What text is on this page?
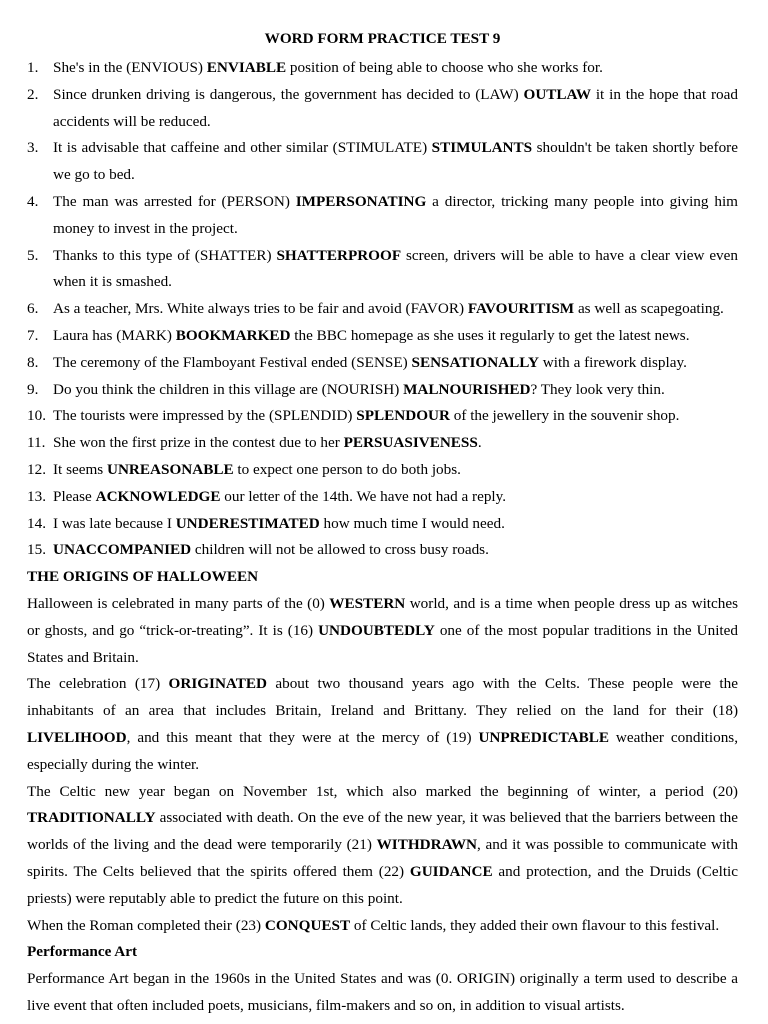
WORD FORM PRACTICE TEST 9
1. She's in the (ENVIOUS) ENVIABLE position of being able to choose who she works for.
2. Since drunken driving is dangerous, the government has decided to (LAW) OUTLAW it in the hope that road accidents will be reduced.
3. It is advisable that caffeine and other similar (STIMULATE) STIMULANTS shouldn't be taken shortly before we go to bed.
4. The man was arrested for (PERSON) IMPERSONATING a director, tricking many people into giving him money to invest in the project.
5. Thanks to this type of (SHATTER) SHATTERPROOF screen, drivers will be able to have a clear view even when it is smashed.
6. As a teacher, Mrs. White always tries to be fair and avoid (FAVOR) FAVOURITISM as well as scapegoating.
7. Laura has (MARK) BOOKMARKED the BBC homepage as she uses it regularly to get the latest news.
8. The ceremony of the Flamboyant Festival ended (SENSE) SENSATIONALLY with a firework display.
9. Do you think the children in this village are (NOURISH) MALNOURISHED? They look very thin.
10. The tourists were impressed by the (SPLENDID) SPLENDOUR of the jewellery in the souvenir shop.
11. She won the first prize in the contest due to her PERSUASIVENESS.
12. It seems UNREASONABLE to expect one person to do both jobs.
13. Please ACKNOWLEDGE our letter of the 14th. We have not had a reply.
14. I was late because I UNDERESTIMATED how much time I would need.
15. UNACCOMPANIED children will not be allowed to cross busy roads.

THE ORIGINS OF HALLOWEEN

Halloween is celebrated in many parts of the (0) WESTERN world, and is a time when people dress up as witches or ghosts, and go “trick-or-treating”. It is (16) UNDOUBTEDLY one of the most popular traditions in the United States and Britain.

The celebration (17) ORIGINATED about two thousand years ago with the Celts. These people were the inhabitants of an area that includes Britain, Ireland and Brittany. They relied on the land for their (18) LIVELIHOOD, and this meant that they were at the mercy of (19) UNPREDICTABLE weather conditions, especially during the winter.

The Celtic new year began on November 1st, which also marked the beginning of winter, a period (20) TRADITIONALLY associated with death. On the eve of the new year, it was believed that the barriers between the worlds of the living and the dead were temporarily (21) WITHDRAWN, and it was possible to communicate with spirits. The Celts believed that the spirits offered them (22) GUIDANCE and protection, and the Druids (Celtic priests) were reputably able to predict the future on this point.

When the Roman completed their (23) CONQUEST of Celtic lands, they added their own flavour to this festival.

Performance Art

Performance Art began in the 1960s in the United States and was (0. ORIGIN) originally a term used to describe a live event that often included poets, musicians, film-makers and so on, in addition to visual artists.
